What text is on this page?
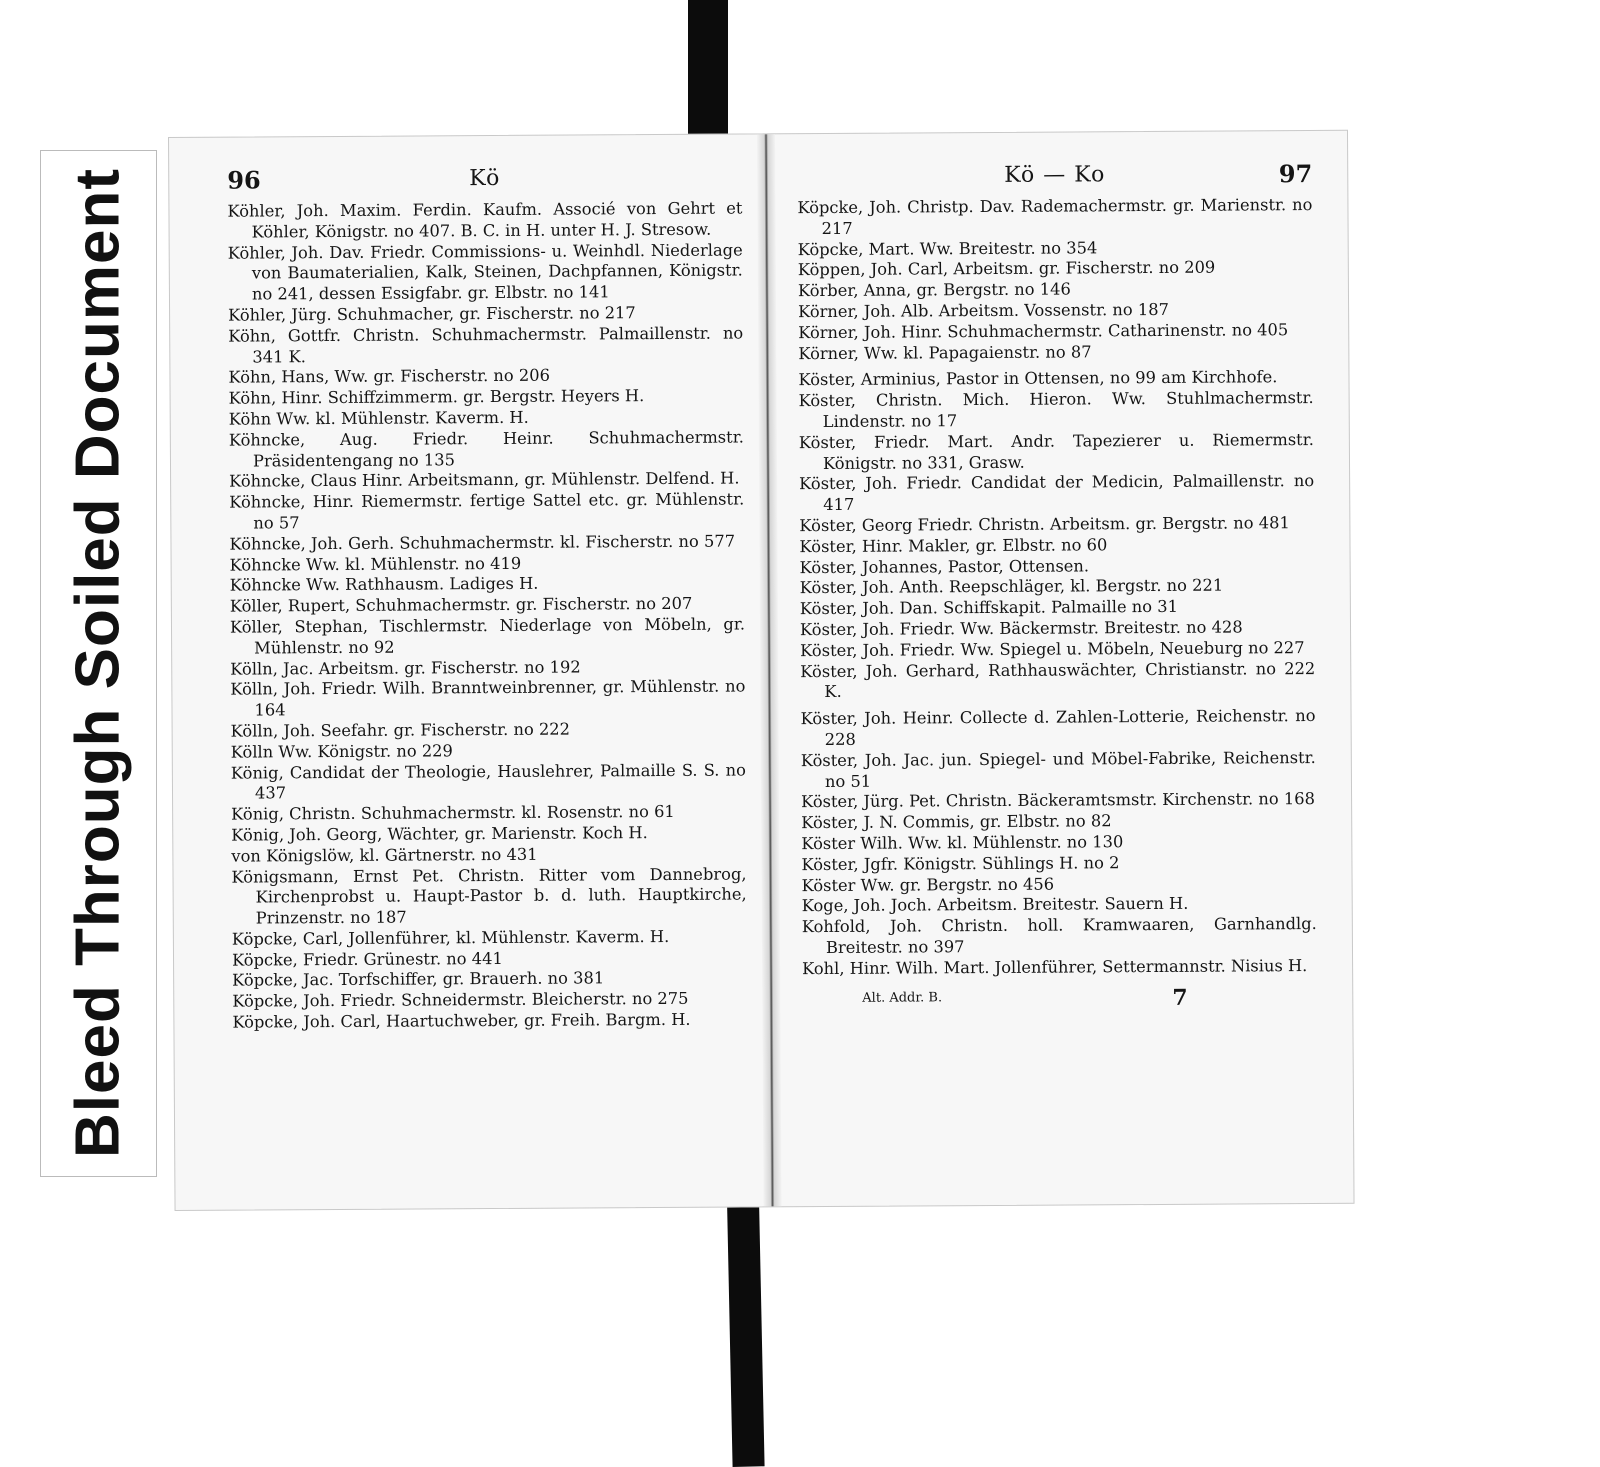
Bleed Through Soiled Document	96	Kö
Köhler, Joh. Maxim. Ferdin. Kaufm. Associé von Gehrt et Köhler, Königstr. no 407. B. C. in H. unter H. J. Stresow.
Köhler, Joh. Dav. Friedr. Commissions- u. Weinhdl. Niederlage von Baumaterialien, Kalk, Steinen, Dachpfannen, Königstr. no 241, dessen Essigfabr. gr. Elbstr. no 141
Köhler, Jürg. Schuhmacher, gr. Fischerstr. no 217
Köhn, Gottfr. Christn. Schuhmachermstr. Palmaillenstr. no 341 K.
Köhn, Hans, Ww. gr. Fischerstr. no 206
Köhn, Hinr. Schiffzimmerm. gr. Bergstr. Heyers H.
Köhn Ww. kl. Mühlenstr. Kaverm. H.
Köhncke, Aug. Friedr. Heinr. Schuhmachermstr. Präsidentengang no 135
Köhncke, Claus Hinr. Arbeitsmann, gr. Mühlenstr. Delfend. H.
Köhncke, Hinr. Riemermstr. fertige Sattel etc. gr. Mühlenstr. no 57
Köhncke, Joh. Gerh. Schuhmachermstr. kl. Fischerstr. no 577
Köhncke Ww. kl. Mühlenstr. no 419
Köhncke Ww. Rathhausm. Ladiges H.
Köller, Rupert, Schuhmachermstr. gr. Fischerstr. no 207
Köller, Stephan, Tischlermstr. Niederlage von Möbeln, gr. Mühlenstr. no 92
Kölln, Jac. Arbeitsm. gr. Fischerstr. no 192
Kölln, Joh. Friedr. Wilh. Branntweinbrenner, gr. Mühlenstr. no 164
Kölln, Joh. Seefahr. gr. Fischerstr. no 222
Kölln Ww. Königstr. no 229
König, Candidat der Theologie, Hauslehrer, Palmaille S. S. no 437
König, Christn. Schuhmachermstr. kl. Rosenstr. no 61
König, Joh. Georg, Wächter, gr. Marienstr. Koch H.
von Königslöw, kl. Gärtnerstr. no 431
Königsmann, Ernst Pet. Christn. Ritter vom Dannebrog, Kirchenprobst u. Haupt-Pastor b. d. luth. Hauptkirche, Prinzenstr. no 187
Köpcke, Carl, Jollenführer, kl. Mühlenstr. Kaverm. H.
Köpcke, Friedr. Grünestr. no 441
Köpcke, Jac. Torfschiffer, gr. Brauerh. no 381
Köpcke, Joh. Friedr. Schneidermstr. Bleicherstr. no 275
Köpcke, Joh. Carl, Haartuchweber, gr. Freih. Bargm. H.
Kö — Ko	97
Köpcke, Joh. Christp. Dav. Rademachermstr. gr. Marienstr. no 217
Köpcke, Mart. Ww. Breitestr. no 354
Köppen, Joh. Carl, Arbeitsm. gr. Fischerstr. no 209
Körber, Anna, gr. Bergstr. no 146
Körner, Joh. Alb. Arbeitsm. Vossenstr. no 187
Körner, Joh. Hinr. Schuhmachermstr. Catharinenstr. no 405
Körner, Ww. kl. Papagaienstr. no 87
Köster, Arminius, Pastor in Ottensen, no 99 am Kirchhofe.
Köster, Christn. Mich. Hieron. Ww. Stuhlmachermstr. Lindenstr. no 17
Köster, Friedr. Mart. Andr. Tapezierer u. Riemermstr. Königstr. no 331, Grasw.
Köster, Joh. Friedr. Candidat der Medicin, Palmaillenstr. no 417
Köster, Georg Friedr. Christn. Arbeitsm. gr. Bergstr. no 481
Köster, Hinr. Makler, gr. Elbstr. no 60
Köster, Johannes, Pastor, Ottensen.
Köster, Joh. Anth. Reepschläger, kl. Bergstr. no 221
Köster, Joh. Dan. Schiffskapit. Palmaille no 31
Köster, Joh. Friedr. Ww. Bäckermstr. Breitestr. no 428
Köster, Joh. Friedr. Ww. Spiegel u. Möbeln, Neueburg no 227
Köster, Joh. Gerhard, Rathhauswächter, Christianstr. no 222 K.
Köster, Joh. Heinr. Collecte d. Zahlen-Lotterie, Reichenstr. no 228
Köster, Joh. Jac. jun. Spiegel- und Möbel-Fabrike, Reichenstr. no 51
Köster, Jürg. Pet. Christn. Bäckeramtsmstr. Kirchenstr. no 168
Köster, J. N. Commis, gr. Elbstr. no 82
Köster Wilh. Ww. kl. Mühlenstr. no 130
Köster, Jgfr. Königstr. Sühlings H. no 2
Köster Ww. gr. Bergstr. no 456
Koge, Joh. Joch. Arbeitsm. Breitestr. Sauern H.
Kohfold, Joh. Christn. holl. Kramwaaren, Garnhandlg. Breitestr. no 397
Kohl, Hinr. Wilh. Mart. Jollenführer, Settermannstr. Nisius H.
Alt. Addr. B.	7
